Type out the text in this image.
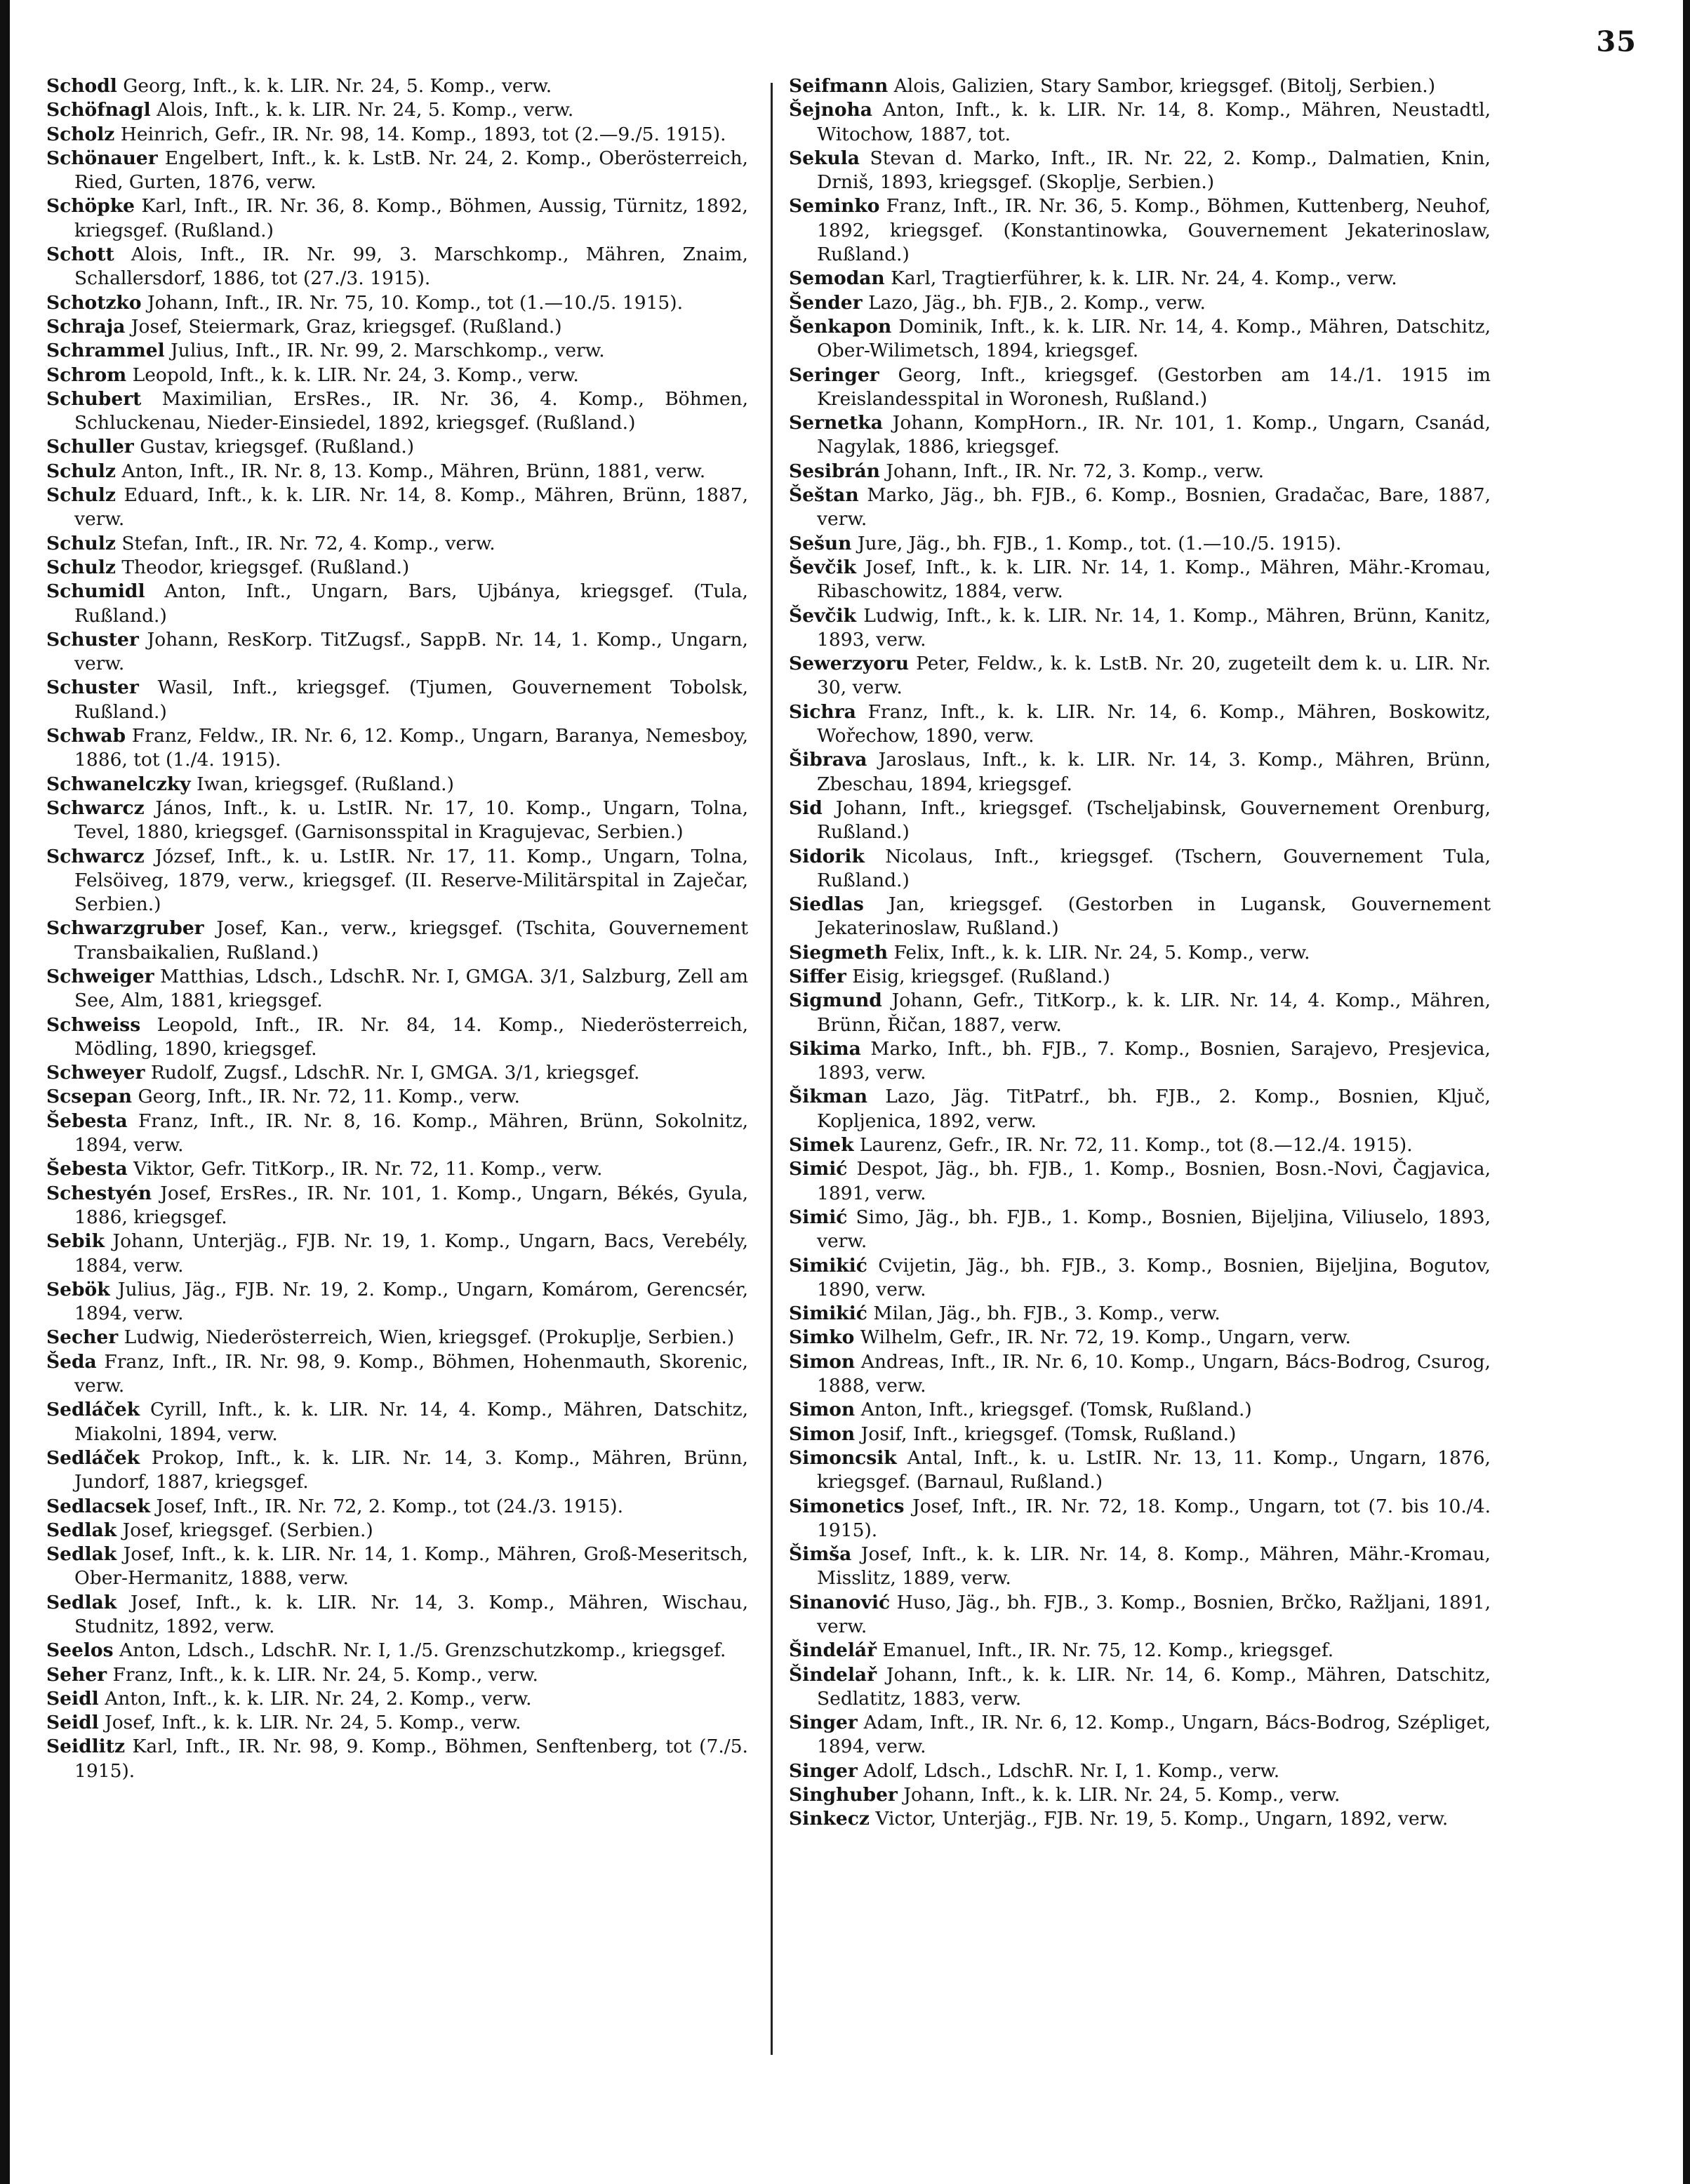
35

Schodl Georg, Inft., k. k. LIR. Nr. 24, 5. Komp., verw.

Schöfnagl Alois, Inft., k. k. LIR. Nr. 24, 5. Komp., verw.

Scholz Heinrich, Gefr., IR. Nr. 98, 14. Komp., 1893, tot (2.—9./5. 1915).

Schönauer Engelbert, Inft., k. k. LstB. Nr. 24, 2. Komp., Oberösterreich, Ried, Gurten, 1876, verw.

Schöpke Karl, Inft., IR. Nr. 36, 8. Komp., Böhmen, Aussig, Türnitz, 1892, kriegsgef. (Rußland.)

Schott Alois, Inft., IR. Nr. 99, 3. Marschkomp., Mähren, Znaim, Schallersdorf, 1886, tot (27./3. 1915).

Schotzko Johann, Inft., IR. Nr. 75, 10. Komp., tot (1.—10./5. 1915).

Schraja Josef, Steiermark, Graz, kriegsgef. (Rußland.)

Schrammel Julius, Inft., IR. Nr. 99, 2. Marschkomp., verw.

Schrom Leopold, Inft., k. k. LIR. Nr. 24, 3. Komp., verw.

Schubert Maximilian, ErsRes., IR. Nr. 36, 4. Komp., Böhmen, Schluckenau, Nieder-Einsiedel, 1892, kriegsgef. (Rußland.)

Schuller Gustav, kriegsgef. (Rußland.)

Schulz Anton, Inft., IR. Nr. 8, 13. Komp., Mähren, Brünn, 1881, verw.

Schulz Eduard, Inft., k. k. LIR. Nr. 14, 8. Komp., Mähren, Brünn, 1887, verw.

Schulz Stefan, Inft., IR. Nr. 72, 4. Komp., verw.

Schulz Theodor, kriegsgef. (Rußland.)

Schumidl Anton, Inft., Ungarn, Bars, Ujbánya, kriegsgef. (Tula, Rußland.)

Schuster Johann, ResKorp. TitZugsf., SappB. Nr. 14, 1. Komp., Ungarn, verw.

Schuster Wasil, Inft., kriegsgef. (Tjumen, Gouvernement Tobolsk, Rußland.)

Schwab Franz, Feldw., IR. Nr. 6, 12. Komp., Ungarn, Baranya, Nemesboy, 1886, tot (1./4. 1915).

Schwanelczky Iwan, kriegsgef. (Rußland.)

Schwarcz János, Inft., k. u. LstIR. Nr. 17, 10. Komp., Ungarn, Tolna, Tevel, 1880, kriegsgef. (Garnisonsspital in Kragujevac, Serbien.)

Schwarcz József, Inft., k. u. LstIR. Nr. 17, 11. Komp., Ungarn, Tolna, Felsöiveg, 1879, verw., kriegsgef. (II. Reserve-Militärspital in Zaječar, Serbien.)

Schwarzgruber Josef, Kan., verw., kriegsgef. (Tschita, Gouvernement Transbaikalien, Rußland.)

Schweiger Matthias, Ldsch., LdschR. Nr. I, GMGA. 3/1, Salzburg, Zell am See, Alm, 1881, kriegsgef.

Schweiss Leopold, Inft., IR. Nr. 84, 14. Komp., Niederösterreich, Mödling, 1890, kriegsgef.

Schweyer Rudolf, Zugsf., LdschR. Nr. I, GMGA. 3/1, kriegsgef.

Scsepan Georg, Inft., IR. Nr. 72, 11. Komp., verw.

Šebesta Franz, Inft., IR. Nr. 8, 16. Komp., Mähren, Brünn, Sokolnitz, 1894, verw.

Šebesta Viktor, Gefr. TitKorp., IR. Nr. 72, 11. Komp., verw.

Schestyén Josef, ErsRes., IR. Nr. 101, 1. Komp., Ungarn, Békés, Gyula, 1886, kriegsgef.

Sebik Johann, Unterjäg., FJB. Nr. 19, 1. Komp., Ungarn, Bacs, Verebély, 1884, verw.

Sebök Julius, Jäg., FJB. Nr. 19, 2. Komp., Ungarn, Komárom, Gerencsér, 1894, verw.

Secher Ludwig, Niederösterreich, Wien, kriegsgef. (Prokuplje, Serbien.)

Šeda Franz, Inft., IR. Nr. 98, 9. Komp., Böhmen, Hohenmauth, Skorenic, verw.

Sedláček Cyrill, Inft., k. k. LIR. Nr. 14, 4. Komp., Mähren, Datschitz, Miakolni, 1894, verw.

Sedláček Prokop, Inft., k. k. LIR. Nr. 14, 3. Komp., Mähren, Brünn, Jundorf, 1887, kriegsgef.

Sedlacsek Josef, Inft., IR. Nr. 72, 2. Komp., tot (24./3. 1915).

Sedlak Josef, kriegsgef. (Serbien.)

Sedlak Josef, Inft., k. k. LIR. Nr. 14, 1. Komp., Mähren, Groß-Meseritsch, Ober-Hermanitz, 1888, verw.

Sedlak Josef, Inft., k. k. LIR. Nr. 14, 3. Komp., Mähren, Wischau, Studnitz, 1892, verw.

Seelos Anton, Ldsch., LdschR. Nr. I, 1./5. Grenzschutzkomp., kriegsgef.

Seher Franz, Inft., k. k. LIR. Nr. 24, 5. Komp., verw.

Seidl Anton, Inft., k. k. LIR. Nr. 24, 2. Komp., verw.

Seidl Josef, Inft., k. k. LIR. Nr. 24, 5. Komp., verw.

Seidlitz Karl, Inft., IR. Nr. 98, 9. Komp., Böhmen, Senftenberg, tot (7./5. 1915).

Seifmann Alois, Galizien, Stary Sambor, kriegsgef. (Bitolj, Serbien.)

Šejnoha Anton, Inft., k. k. LIR. Nr. 14, 8. Komp., Mähren, Neustadtl, Witochow, 1887, tot.

Sekula Stevan d. Marko, Inft., IR. Nr. 22, 2. Komp., Dalmatien, Knin, Drniš, 1893, kriegsgef. (Skoplje, Serbien.)

Seminko Franz, Inft., IR. Nr. 36, 5. Komp., Böhmen, Kuttenberg, Neuhof, 1892, kriegsgef. (Konstantinowka, Gouvernement Jekaterinoslaw, Rußland.)

Semodan Karl, Tragtierführer, k. k. LIR. Nr. 24, 4. Komp., verw.

Šender Lazo, Jäg., bh. FJB., 2. Komp., verw.

Šenkapon Dominik, Inft., k. k. LIR. Nr. 14, 4. Komp., Mähren, Datschitz, Ober-Wilimetsch, 1894, kriegsgef.

Seringer Georg, Inft., kriegsgef. (Gestorben am 14./1. 1915 im Kreislandesspital in Woronesh, Rußland.)

Sernetka Johann, KompHorn., IR. Nr. 101, 1. Komp., Ungarn, Csanád, Nagylak, 1886, kriegsgef.

Sesibrán Johann, Inft., IR. Nr. 72, 3. Komp., verw.

Šeštan Marko, Jäg., bh. FJB., 6. Komp., Bosnien, Gradačac, Bare, 1887, verw.

Sešun Jure, Jäg., bh. FJB., 1. Komp., tot. (1.—10./5. 1915).

Ševčik Josef, Inft., k. k. LIR. Nr. 14, 1. Komp., Mähren, Mähr.-Kromau, Ribaschowitz, 1884, verw.

Ševčik Ludwig, Inft., k. k. LIR. Nr. 14, 1. Komp., Mähren, Brünn, Kanitz, 1893, verw.

Sewerzyoru Peter, Feldw., k. k. LstB. Nr. 20, zugeteilt dem k. u. LIR. Nr. 30, verw.

Sichra Franz, Inft., k. k. LIR. Nr. 14, 6. Komp., Mähren, Boskowitz, Wořechow, 1890, verw.

Šibrava Jaroslaus, Inft., k. k. LIR. Nr. 14, 3. Komp., Mähren, Brünn, Zbeschau, 1894, kriegsgef.

Sid Johann, Inft., kriegsgef. (Tscheljabinsk, Gouvernement Orenburg, Rußland.)

Sidorik Nicolaus, Inft., kriegsgef. (Tschern, Gouvernement Tula, Rußland.)

Siedlas Jan, kriegsgef. (Gestorben in Lugansk, Gouvernement Jekaterinoslaw, Rußland.)

Siegmeth Felix, Inft., k. k. LIR. Nr. 24, 5. Komp., verw.

Siffer Eisig, kriegsgef. (Rußland.)

Sigmund Johann, Gefr., TitKorp., k. k. LIR. Nr. 14, 4. Komp., Mähren, Brünn, Řičan, 1887, verw.

Sikima Marko, Inft., bh. FJB., 7. Komp., Bosnien, Sarajevo, Presjevica, 1893, verw.

Šikman Lazo, Jäg. TitPatrf., bh. FJB., 2. Komp., Bosnien, Ključ, Kopljenica, 1892, verw.

Simek Laurenz, Gefr., IR. Nr. 72, 11. Komp., tot (8.—12./4. 1915).

Simić Despot, Jäg., bh. FJB., 1. Komp., Bosnien, Bosn.-Novi, Čagjavica, 1891, verw.

Simić Simo, Jäg., bh. FJB., 1. Komp., Bosnien, Bijeljina, Viliuselo, 1893, verw.

Simikić Cvijetin, Jäg., bh. FJB., 3. Komp., Bosnien, Bijeljina, Bogutov, 1890, verw.

Simikić Milan, Jäg., bh. FJB., 3. Komp., verw.

Simko Wilhelm, Gefr., IR. Nr. 72, 19. Komp., Ungarn, verw.

Simon Andreas, Inft., IR. Nr. 6, 10. Komp., Ungarn, Bács-Bodrog, Csurog, 1888, verw.

Simon Anton, Inft., kriegsgef. (Tomsk, Rußland.)

Simon Josif, Inft., kriegsgef. (Tomsk, Rußland.)

Simoncsik Antal, Inft., k. u. LstIR. Nr. 13, 11. Komp., Ungarn, 1876, kriegsgef. (Barnaul, Rußland.)

Simonetics Josef, Inft., IR. Nr. 72, 18. Komp., Ungarn, tot (7. bis 10./4. 1915).

Šimša Josef, Inft., k. k. LIR. Nr. 14, 8. Komp., Mähren, Mähr.-Kromau, Misslitz, 1889, verw.

Sinanović Huso, Jäg., bh. FJB., 3. Komp., Bosnien, Brčko, Ražljani, 1891, verw.

Šindelář Emanuel, Inft., IR. Nr. 75, 12. Komp., kriegsgef.

Šindelař Johann, Inft., k. k. LIR. Nr. 14, 6. Komp., Mähren, Datschitz, Sedlatitz, 1883, verw.

Singer Adam, Inft., IR. Nr. 6, 12. Komp., Ungarn, Bács-Bodrog, Szépliget, 1894, verw.

Singer Adolf, Ldsch., LdschR. Nr. I, 1. Komp., verw.

Singhuber Johann, Inft., k. k. LIR. Nr. 24, 5. Komp., verw.

Sinkecz Victor, Unterjäg., FJB. Nr. 19, 5. Komp., Ungarn, 1892, verw.
